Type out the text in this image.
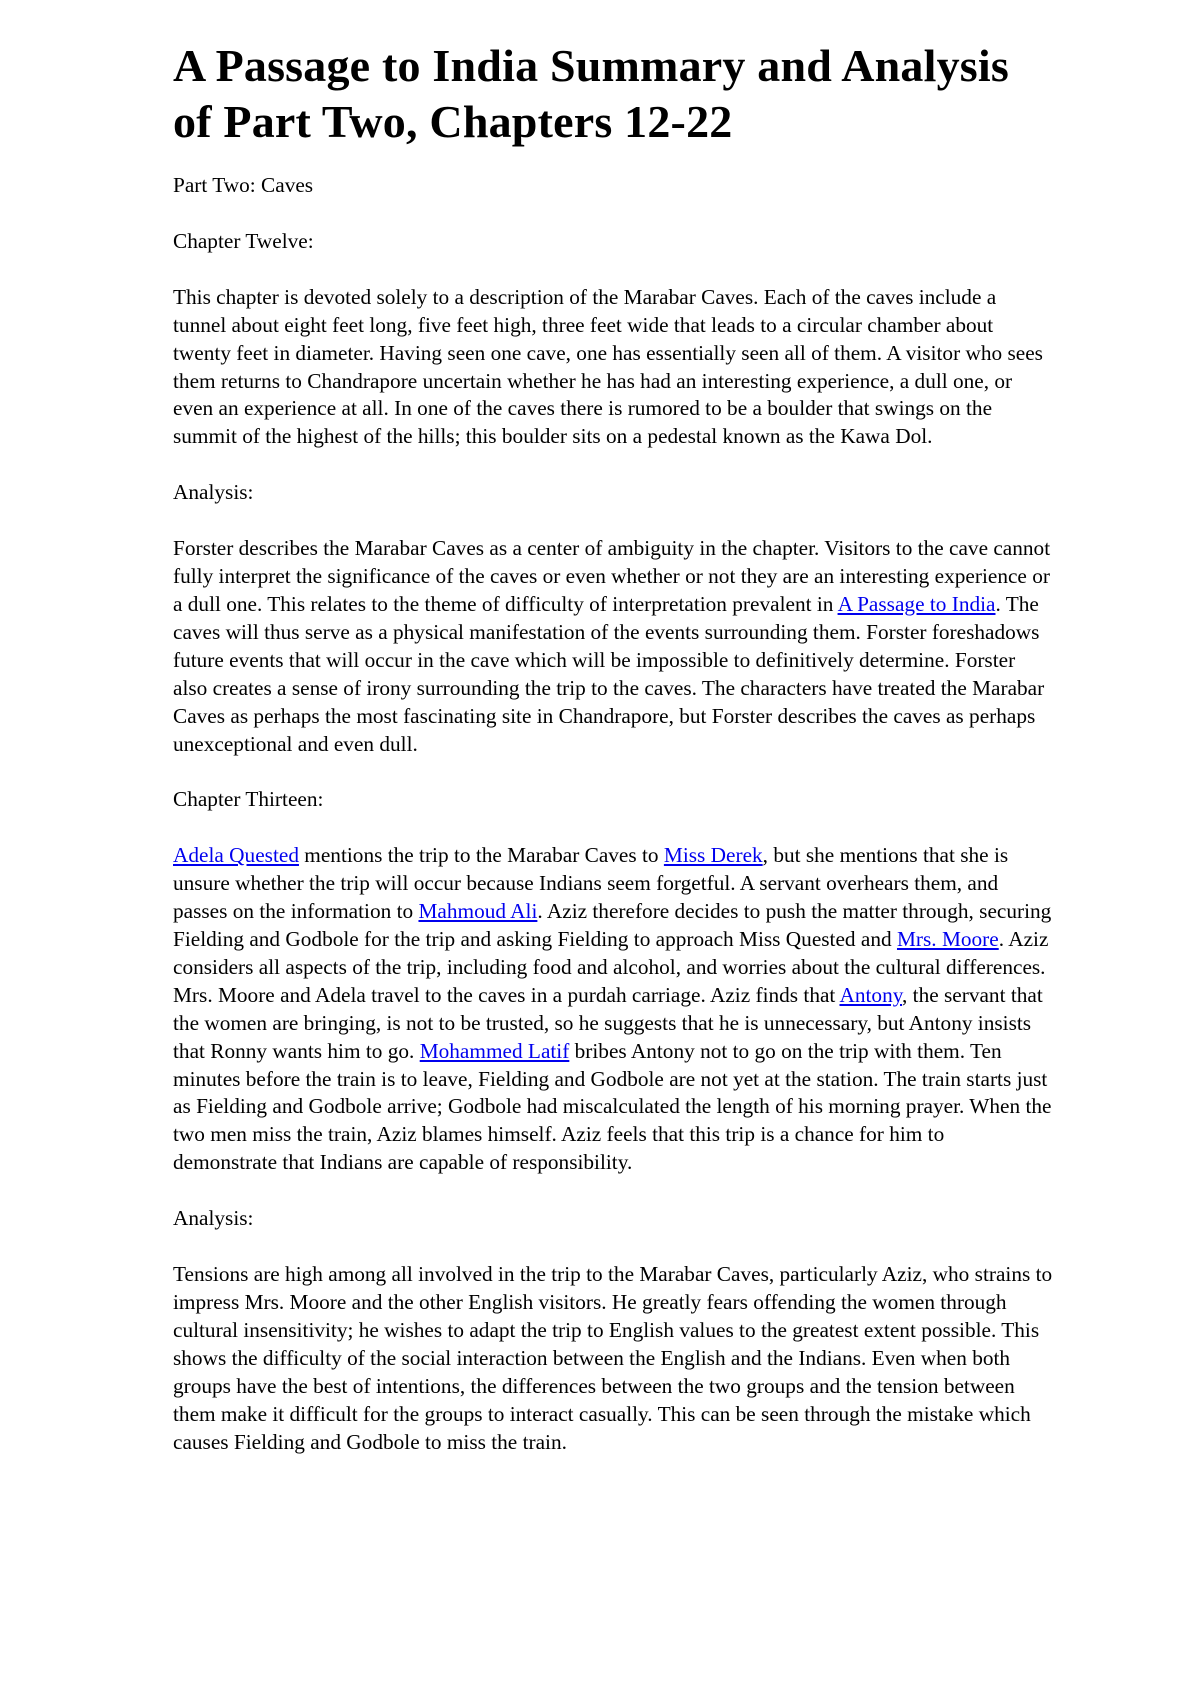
A Passage to India Summary and Analysis of Part Two, Chapters 12-22

Part Two: Caves

Chapter Twelve:

This chapter is devoted solely to a description of the Marabar Caves. Each of the caves include a tunnel about eight feet long, five feet high, three feet wide that leads to a circular chamber about twenty feet in diameter. Having seen one cave, one has essentially seen all of them. A visitor who sees them returns to Chandrapore uncertain whether he has had an interesting experience, a dull one, or even an experience at all. In one of the caves there is rumored to be a boulder that swings on the summit of the highest of the hills; this boulder sits on a pedestal known as the Kawa Dol.

Analysis:

Forster describes the Marabar Caves as a center of ambiguity in the chapter. Visitors to the cave cannot fully interpret the significance of the caves or even whether or not they are an interesting experience or a dull one. This relates to the theme of difficulty of interpretation prevalent in A Passage to India. The caves will thus serve as a physical manifestation of the events surrounding them. Forster foreshadows future events that will occur in the cave which will be impossible to definitively determine. Forster also creates a sense of irony surrounding the trip to the caves. The characters have treated the Marabar Caves as perhaps the most fascinating site in Chandrapore, but Forster describes the caves as perhaps unexceptional and even dull.

Chapter Thirteen:

Adela Quested mentions the trip to the Marabar Caves to Miss Derek, but she mentions that she is unsure whether the trip will occur because Indians seem forgetful. A servant overhears them, and passes on the information to Mahmoud Ali. Aziz therefore decides to push the matter through, securing Fielding and Godbole for the trip and asking Fielding to approach Miss Quested and Mrs. Moore. Aziz considers all aspects of the trip, including food and alcohol, and worries about the cultural differences. Mrs. Moore and Adela travel to the caves in a purdah carriage. Aziz finds that Antony, the servant that the women are bringing, is not to be trusted, so he suggests that he is unnecessary, but Antony insists that Ronny wants him to go. Mohammed Latif bribes Antony not to go on the trip with them. Ten minutes before the train is to leave, Fielding and Godbole are not yet at the station. The train starts just as Fielding and Godbole arrive; Godbole had miscalculated the length of his morning prayer. When the two men miss the train, Aziz blames himself. Aziz feels that this trip is a chance for him to demonstrate that Indians are capable of responsibility.

Analysis:

Tensions are high among all involved in the trip to the Marabar Caves, particularly Aziz, who strains to impress Mrs. Moore and the other English visitors. He greatly fears offending the women through cultural insensitivity; he wishes to adapt the trip to English values to the greatest extent possible. This shows the difficulty of the social interaction between the English and the Indians. Even when both groups have the best of intentions, the differences between the two groups and the tension between them make it difficult for the groups to interact casually. This can be seen through the mistake which causes Fielding and Godbole to miss the train.
